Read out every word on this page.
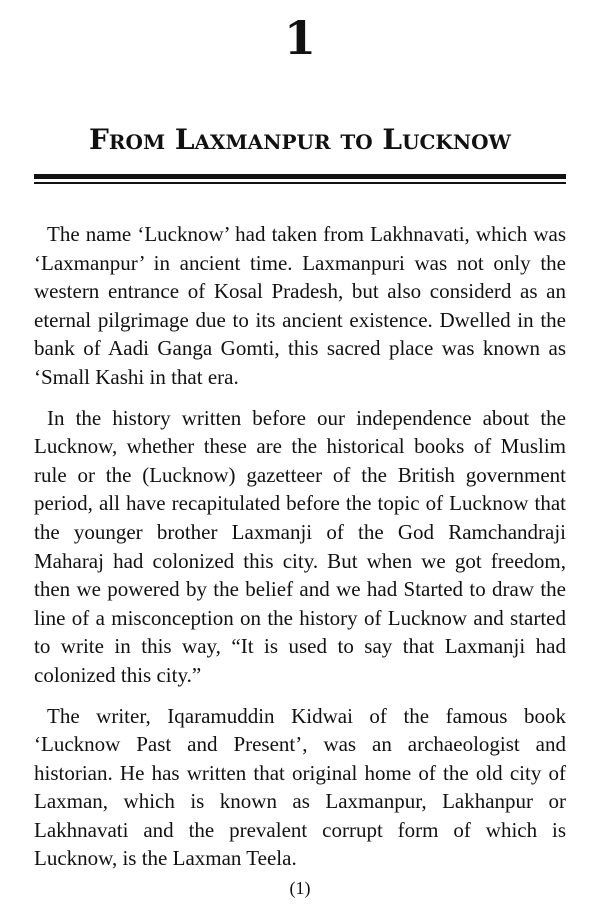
1
From Laxmanpur to Lucknow

The name ‘Lucknow’ had taken from Lakhnavati, which was ‘Laxmanpur’ in ancient time. Laxmanpuri was not only the western entrance of Kosal Pradesh, but also considerd as an eternal pilgrimage due to its ancient existence. Dwelled in the bank of Aadi Ganga Gomti, this sacred place was known as ‘Small Kashi in that era.

In the history written before our independence about the Lucknow, whether these are the historical books of Muslim rule or the (Lucknow) gazetteer of the British government period, all have recapitulated before the topic of Lucknow that the younger brother Laxmanji of the God Ramchandraji Maharaj had colonized this city. But when we got freedom, then we powered by the belief and we had Started to draw the line of a misconception on the history of Lucknow and started to write in this way, “It is used to say that Laxmanji had colonized this city.”

The writer, Iqaramuddin Kidwai of the famous book ‘Lucknow Past and Present’, was an archaeologist and historian. He has written that original home of the old city of Laxman, which is known as Laxmanpur, Lakhanpur or Lakhnavati and the prevalent corrupt form of which is Lucknow, is the Laxman Teela.

(1)
